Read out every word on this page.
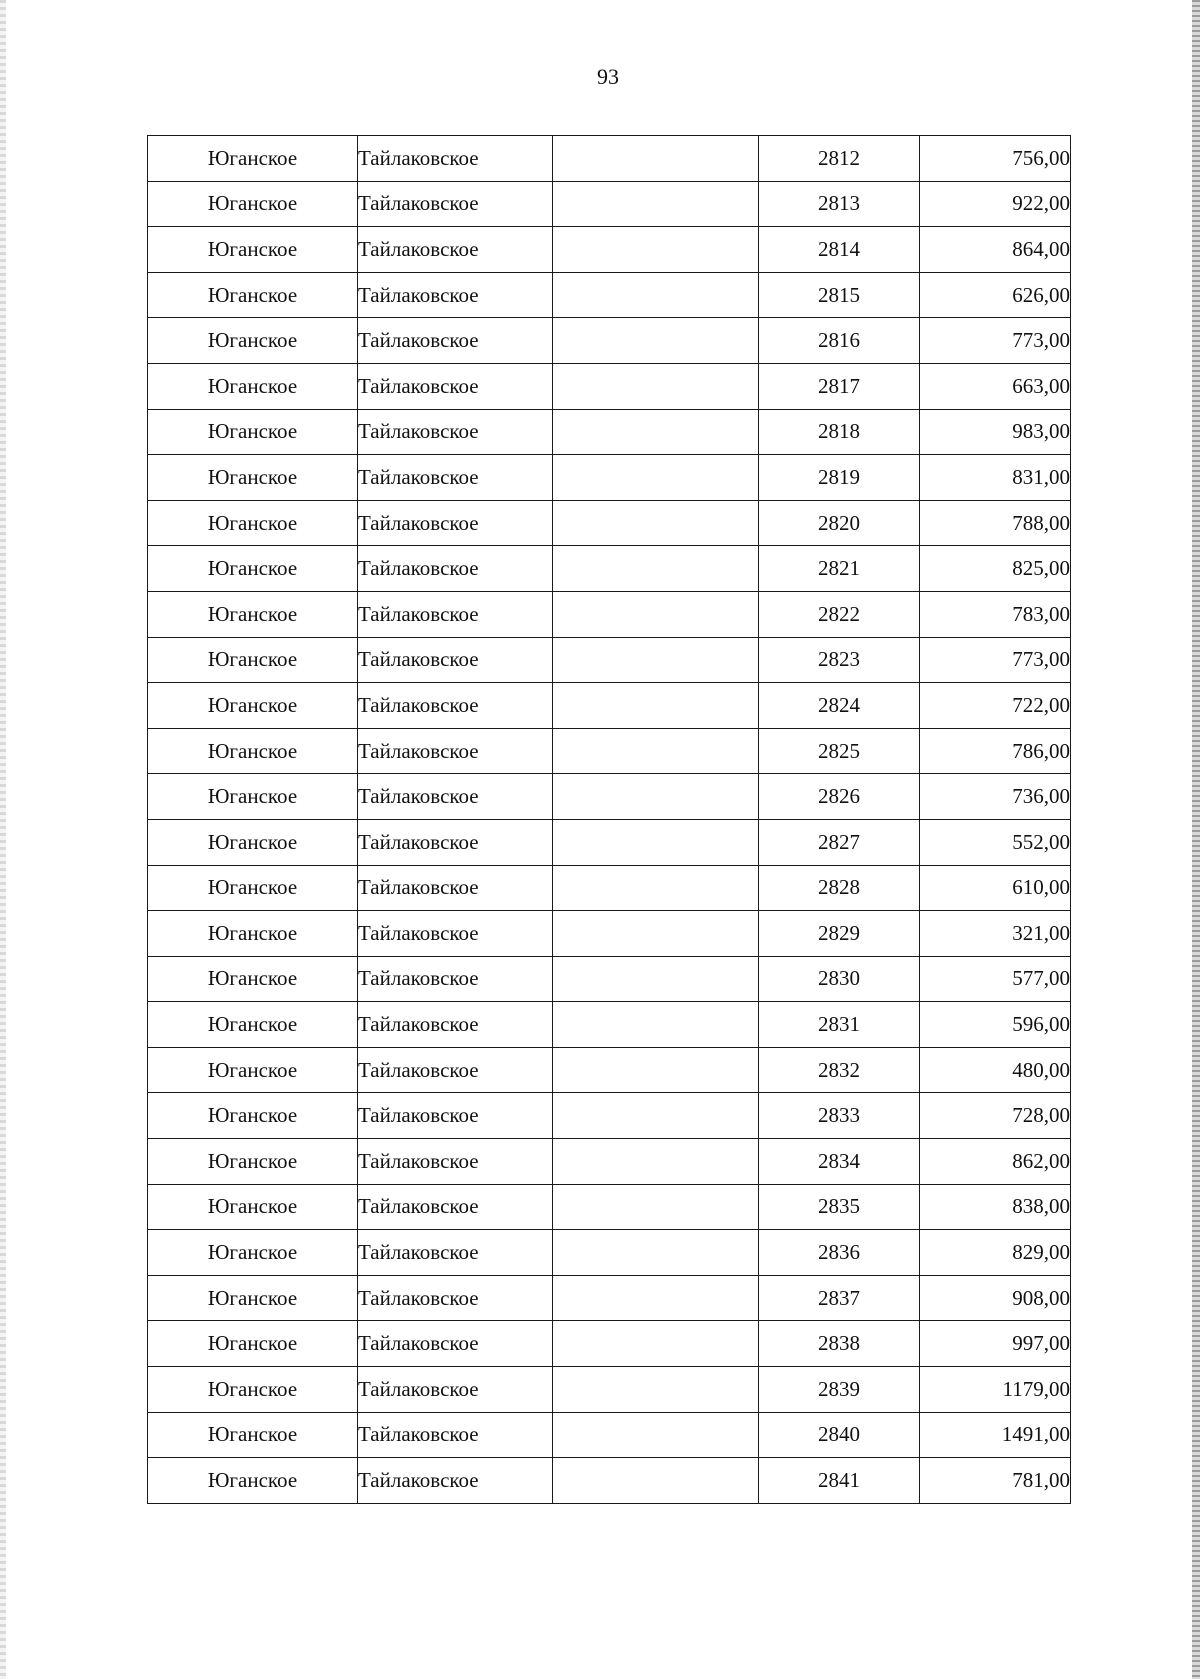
93
Юганское	Тайлаковское		2812	756,00
Юганское	Тайлаковское		2813	922,00
Юганское	Тайлаковское		2814	864,00
Юганское	Тайлаковское		2815	626,00
Юганское	Тайлаковское		2816	773,00
Юганское	Тайлаковское		2817	663,00
Юганское	Тайлаковское		2818	983,00
Юганское	Тайлаковское		2819	831,00
Юганское	Тайлаковское		2820	788,00
Юганское	Тайлаковское		2821	825,00
Юганское	Тайлаковское		2822	783,00
Юганское	Тайлаковское		2823	773,00
Юганское	Тайлаковское		2824	722,00
Юганское	Тайлаковское		2825	786,00
Юганское	Тайлаковское		2826	736,00
Юганское	Тайлаковское		2827	552,00
Юганское	Тайлаковское		2828	610,00
Юганское	Тайлаковское		2829	321,00
Юганское	Тайлаковское		2830	577,00
Юганское	Тайлаковское		2831	596,00
Юганское	Тайлаковское		2832	480,00
Юганское	Тайлаковское		2833	728,00
Юганское	Тайлаковское		2834	862,00
Юганское	Тайлаковское		2835	838,00
Юганское	Тайлаковское		2836	829,00
Юганское	Тайлаковское		2837	908,00
Юганское	Тайлаковское		2838	997,00
Юганское	Тайлаковское		2839	1179,00
Юганское	Тайлаковское		2840	1491,00
Юганское	Тайлаковское		2841	781,00
